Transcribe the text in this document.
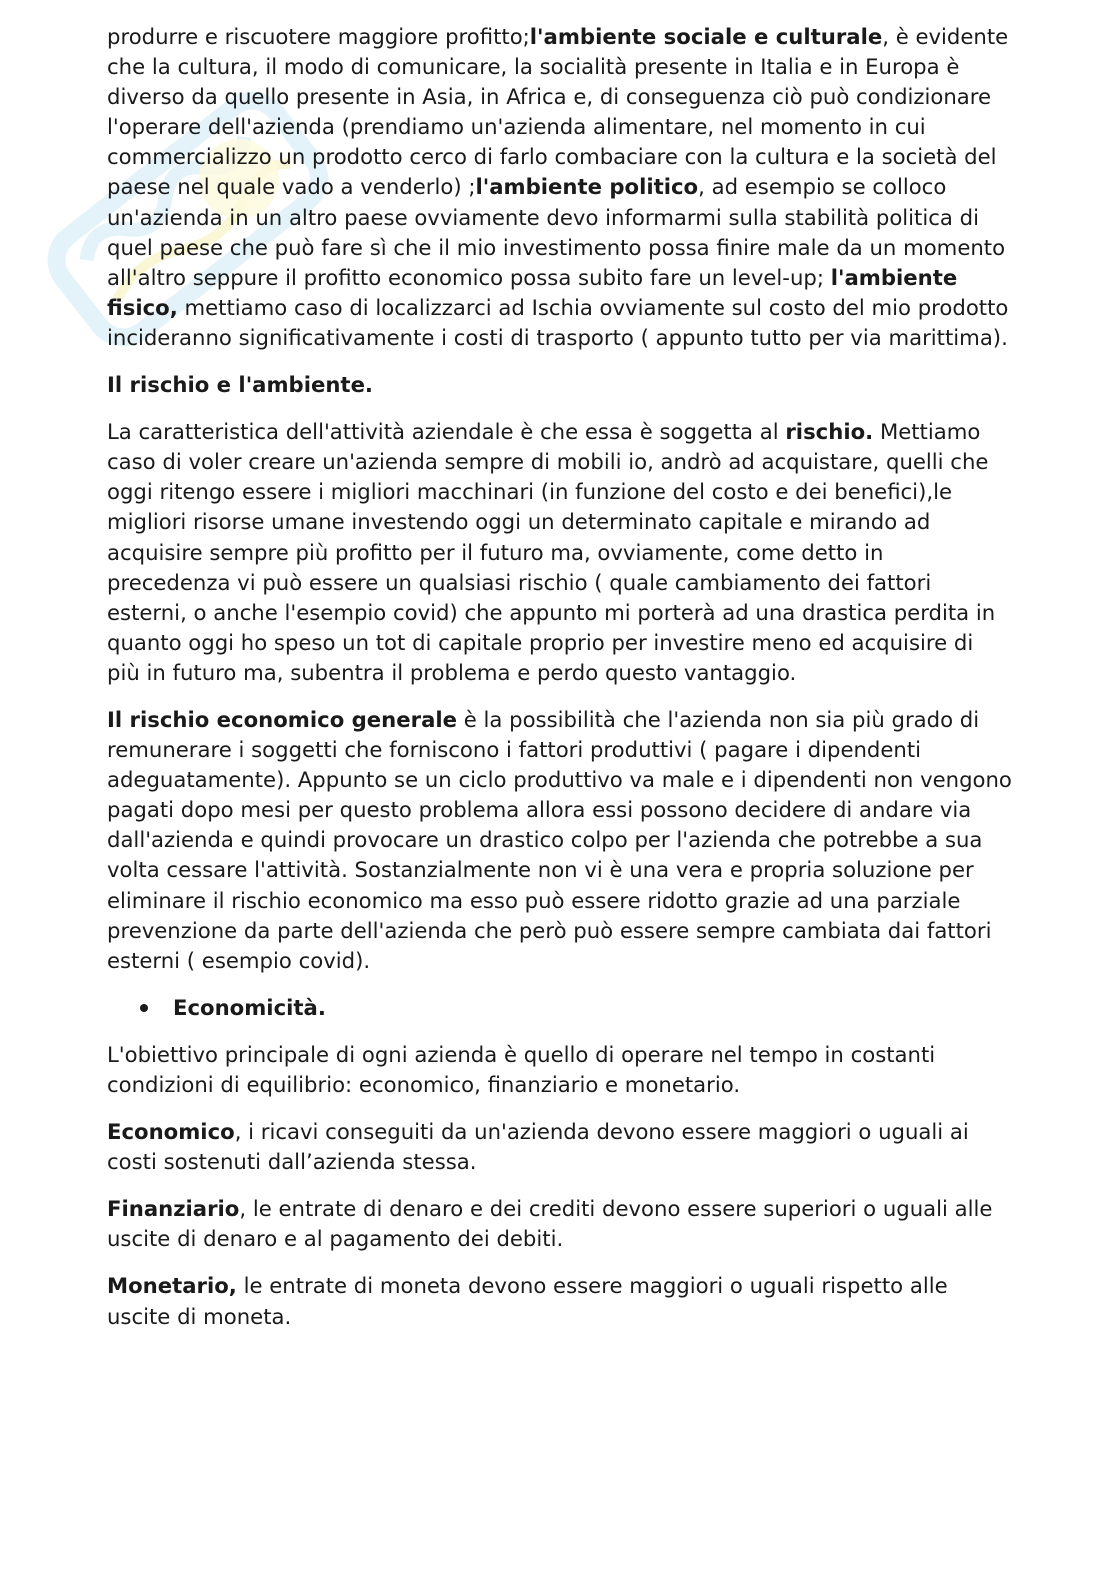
produrre e riscuotere maggiore profitto;l'ambiente sociale e culturale, è evidente che la cultura, il modo di comunicare, la socialità presente in Italia e in Europa è diverso da quello presente in Asia, in Africa e, di conseguenza ciò può condizionare l'operare dell'azienda (prendiamo un'azienda alimentare, nel momento in cui commercializzo un prodotto cerco di farlo combaciare con la cultura e la società del paese nel quale vado a venderlo) ;l'ambiente politico, ad esempio se colloco un'azienda in un altro paese ovviamente devo informarmi sulla stabilità politica di quel paese che può fare sì che il mio investimento possa finire male da un momento all'altro seppure il profitto economico possa subito fare un level-up; l'ambiente fisico, mettiamo caso di localizzarci ad Ischia ovviamente sul costo del mio prodotto incideranno significativamente i costi di trasporto ( appunto tutto per via marittima).

Il rischio e l'ambiente.

La caratteristica dell'attività aziendale è che essa è soggetta al rischio. Mettiamo caso di voler creare un'azienda sempre di mobili io, andrò ad acquistare, quelli che oggi ritengo essere i migliori macchinari (in funzione del costo e dei benefici),le migliori risorse umane investendo oggi un determinato capitale e mirando ad acquisire sempre più profitto per il futuro ma, ovviamente, come detto in precedenza vi può essere un qualsiasi rischio ( quale cambiamento dei fattori esterni, o anche l'esempio covid) che appunto mi porterà ad una drastica perdita in quanto oggi ho speso un tot di capitale proprio per investire meno ed acquisire di più in futuro ma, subentra il problema e perdo questo vantaggio.

Il rischio economico generale è la possibilità che l'azienda non sia più grado di remunerare i soggetti che forniscono i fattori produttivi ( pagare i dipendenti adeguatamente). Appunto se un ciclo produttivo va male e i dipendenti non vengono pagati dopo mesi per questo problema allora essi possono decidere di andare via dall'azienda e quindi provocare un drastico colpo per l'azienda che potrebbe a sua volta cessare l'attività. Sostanzialmente non vi è una vera e propria soluzione per eliminare il rischio economico ma esso può essere ridotto grazie ad una parziale prevenzione da parte dell'azienda che però può essere sempre cambiata dai fattori esterni ( esempio covid).

Economicità.

L'obiettivo principale di ogni azienda è quello di operare nel tempo in costanti condizioni di equilibrio: economico, finanziario e monetario.

Economico, i ricavi conseguiti da un'azienda devono essere maggiori o uguali ai costi sostenuti dall’azienda stessa.

Finanziario, le entrate di denaro e dei crediti devono essere superiori o uguali alle uscite di denaro e al pagamento dei debiti.

Monetario, le entrate di moneta devono essere maggiori o uguali rispetto alle uscite di moneta.
